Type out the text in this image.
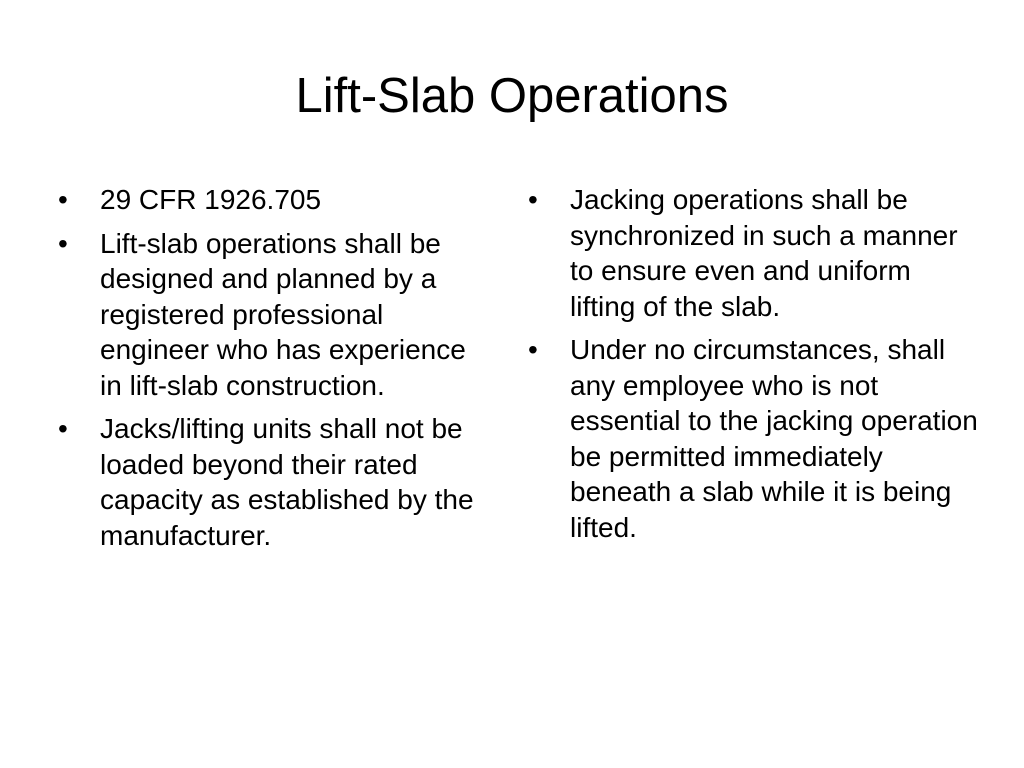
Lift-Slab Operations
•	29 CFR 1926.705
•	Lift-slab operations shall be designed and planned by a registered professional engineer who has experience in lift-slab construction.
•	Jacks/lifting units shall not be loaded beyond their rated capacity as established by the manufacturer.
•	Jacking operations shall be synchronized in such a manner to ensure even and uniform lifting of the slab.
•	Under no circumstances, shall any employee who is not essential to the jacking operation be permitted immediately beneath a slab while it is being lifted.
